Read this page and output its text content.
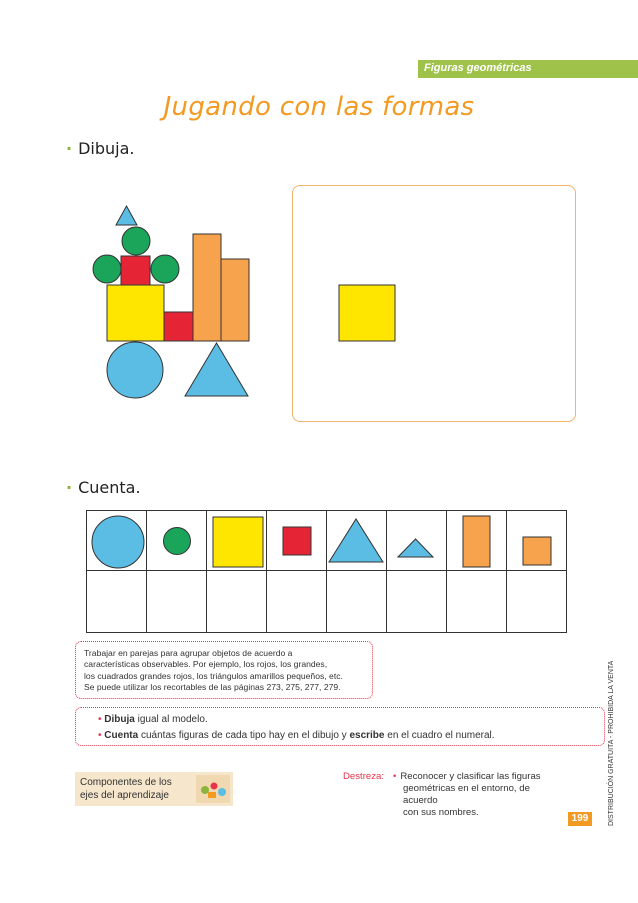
Figuras geométricas
Jugando con las formas
· Dibuja.
· Cuenta.

Trabajar en parejas para agrupar objetos de acuerdo a
características observables. Por ejemplo, los rojos, los grandes,
los cuadrados grandes rojos, los triángulos amarillos pequeños, etc.
Se puede utilizar los recortables de las páginas 273, 275, 277, 279.
• Dibuja igual al modelo.
• Cuenta cuántas figuras de cada tipo hay en el dibujo y escribe en el cuadro el numeral.
Componentes de los
ejes del aprendizaje
Destreza: • Reconocer y clasificar las figuras
geométricas en el entorno, de acuerdo
con sus nombres.
199	DISTRIBUCIÓN GRATUITA - PROHIBIDA LA VENTA
